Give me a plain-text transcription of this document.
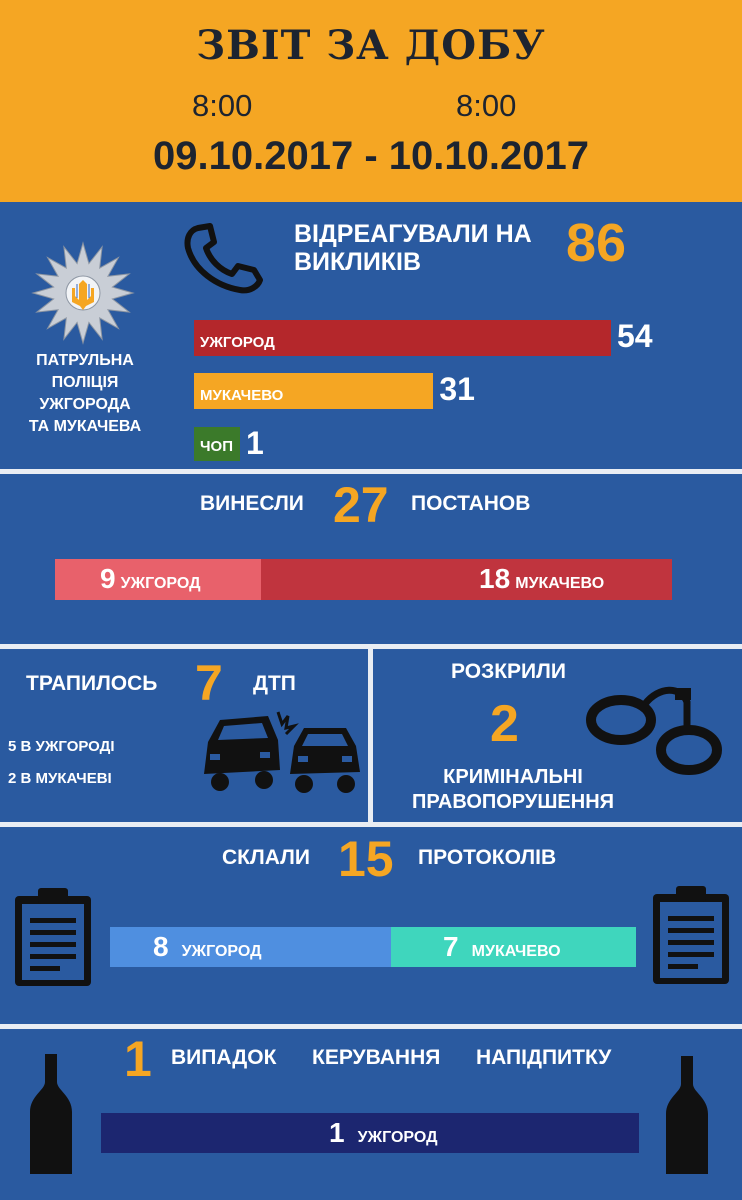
ЗВІТ ЗА ДОБУ
8:00	8:00
09.10.2017 - 10.10.2017
ПАТРУЛЬНА
ПОЛІЦІЯ
УЖГОРОДА
ТА МУКАЧЕВА
ВІДРЕАГУВАЛИ НА
ВИКЛИКІВ	86
УЖГОРОД	54
МУКАЧЕВО	31
ЧОП 1
ВИНЕСЛИ 27 ПОСТАНОВ
9 УЖГОРОД	18 МУКАЧЕВО
ТРАПИЛОСЬ 7 ДТП
5 В УЖГОРОДІ
2 В МУКАЧЕВІ
РОЗКРИЛИ
2
КРИМІНАЛЬНІ
ПРАВОПОРУШЕННЯ
СКЛАЛИ 15 ПРОТОКОЛІВ
8 УЖГОРОД	7 МУКАЧЕВО
1 ВИПАДОК КЕРУВАННЯ НАПІДПИТКУ
1 УЖГОРОД
